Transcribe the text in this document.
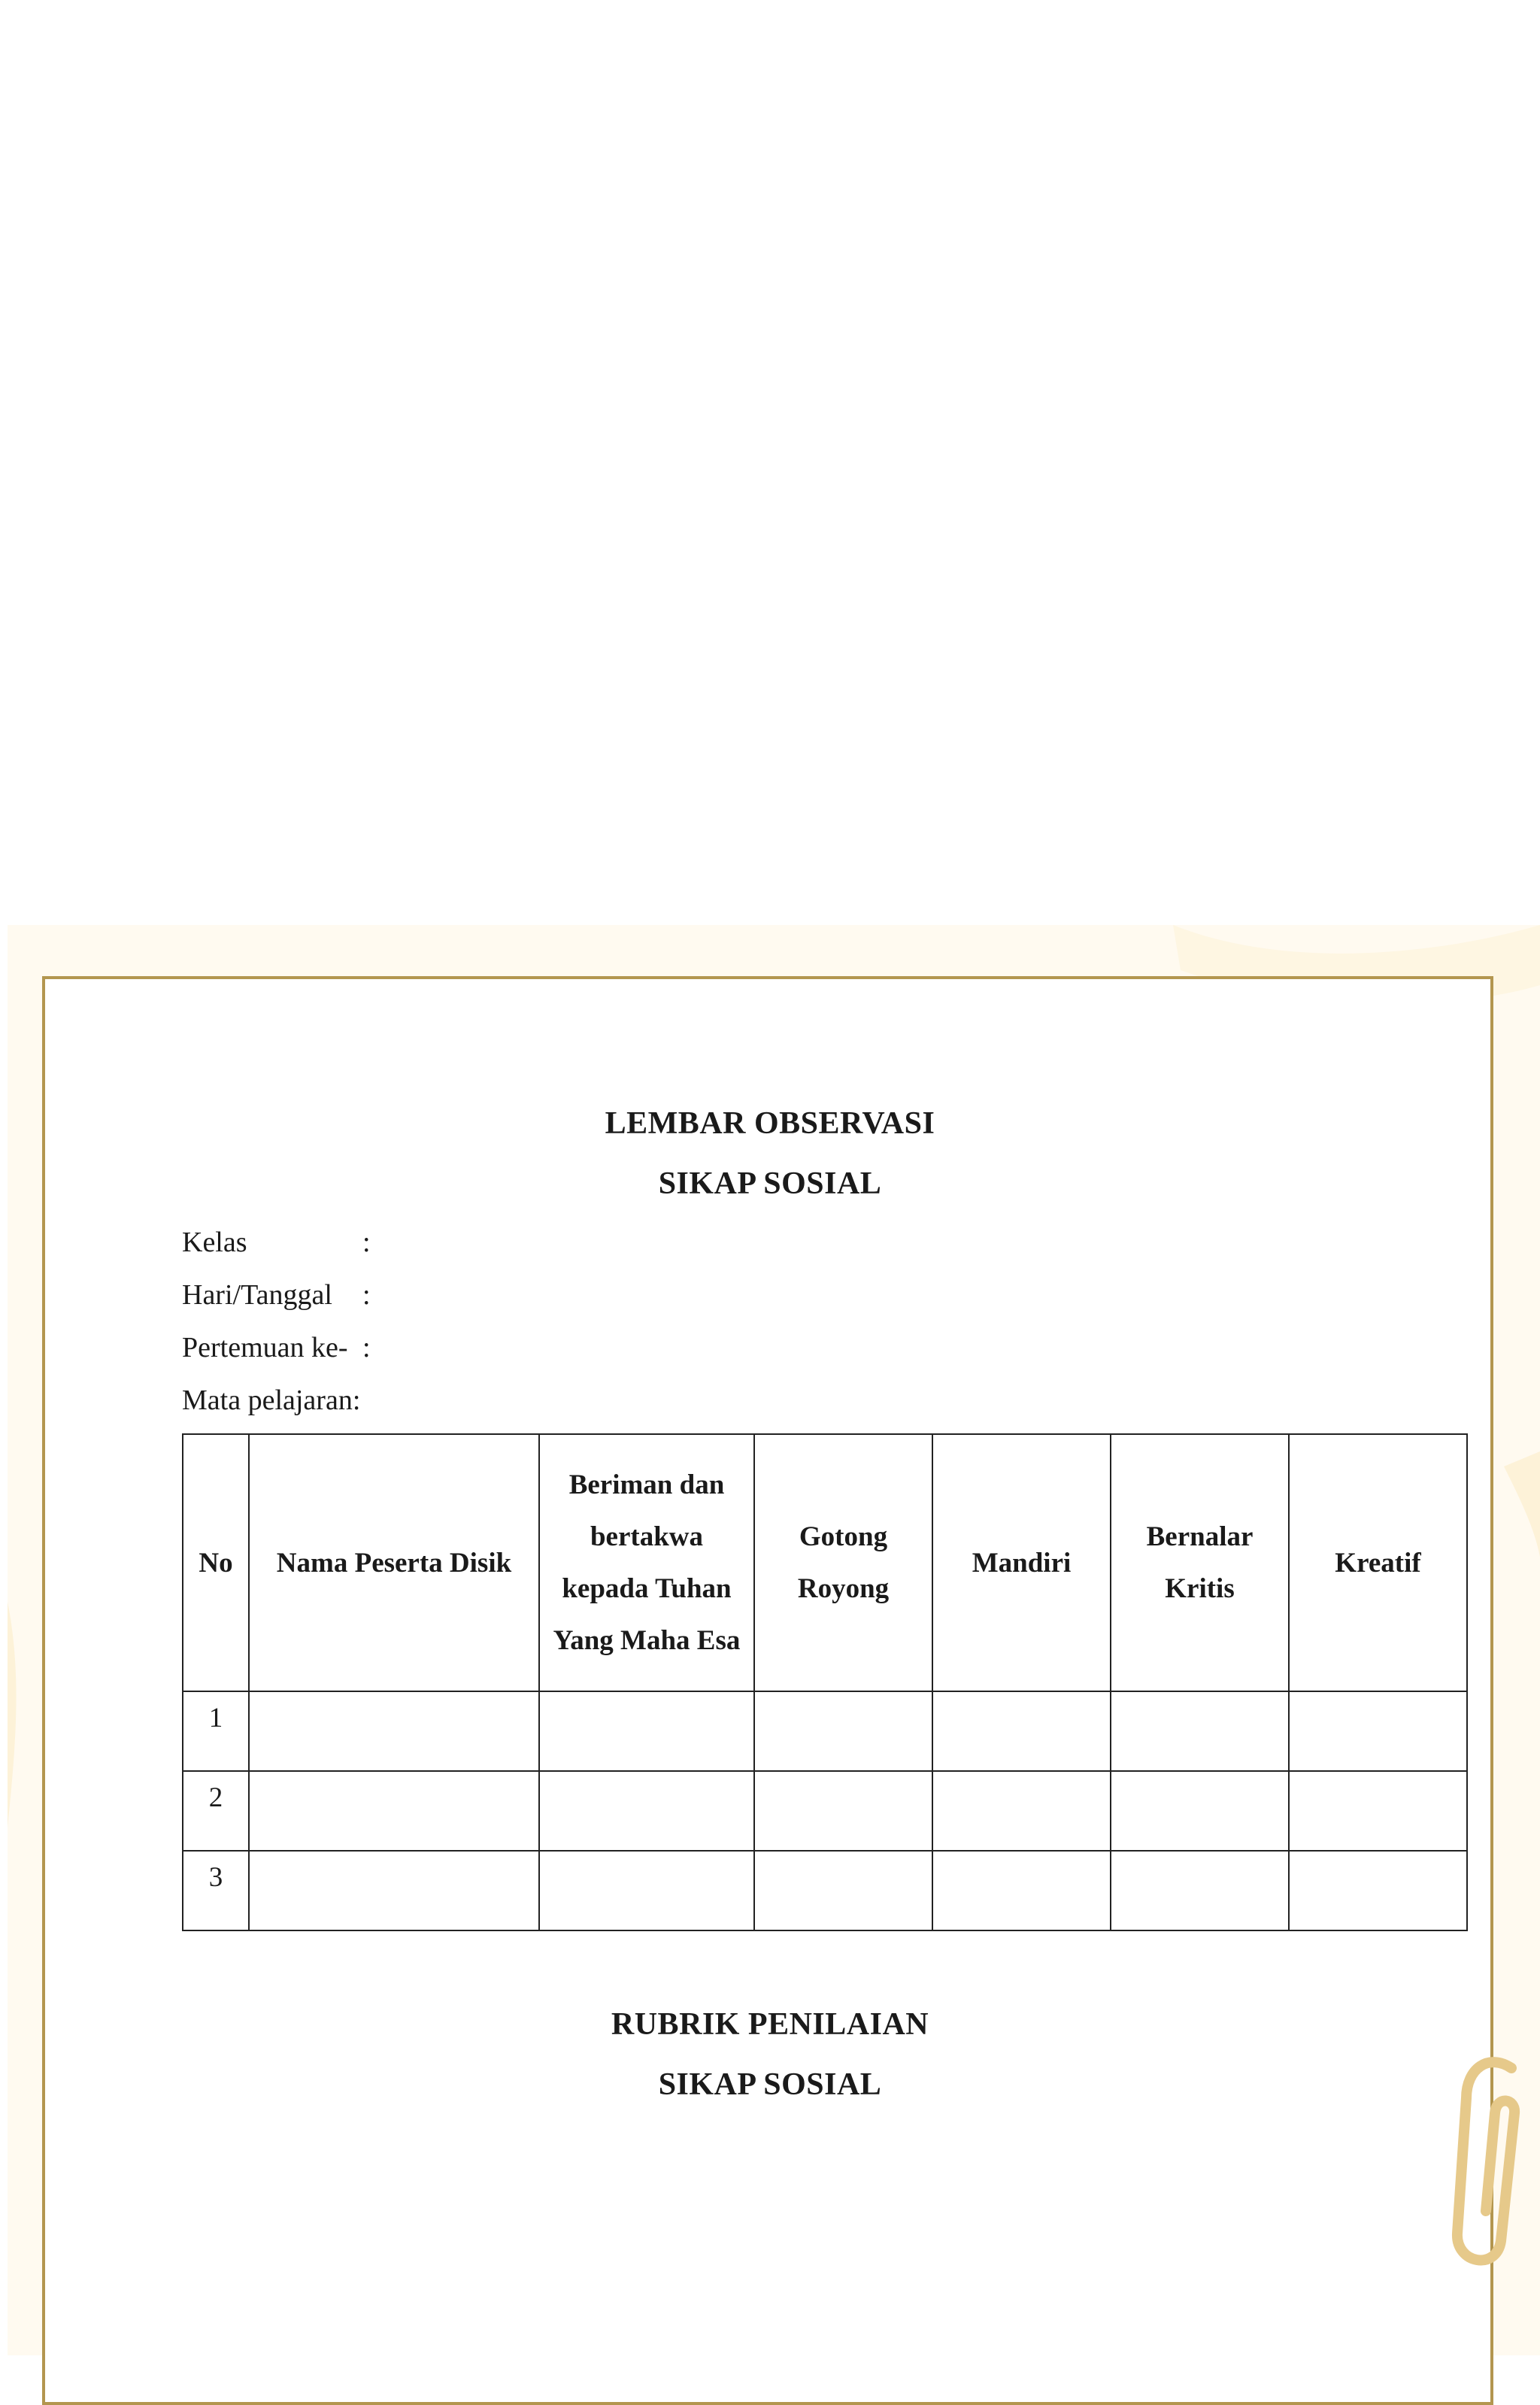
LEMBAR OBSERVASI
SIKAP SOSIAL
Kelas	:
Hari/Tanggal :
Pertemuan ke- :
Mata pelajaran:
No	Nama Peserta Disik	Beriman dan bertakwa kepada Tuhan Yang Maha Esa	Gotong Royong	Mandiri	Bernalar Kritis	Kreatif
1						
2						
3						
RUBRIK PENILAIAN
SIKAP SOSIAL
